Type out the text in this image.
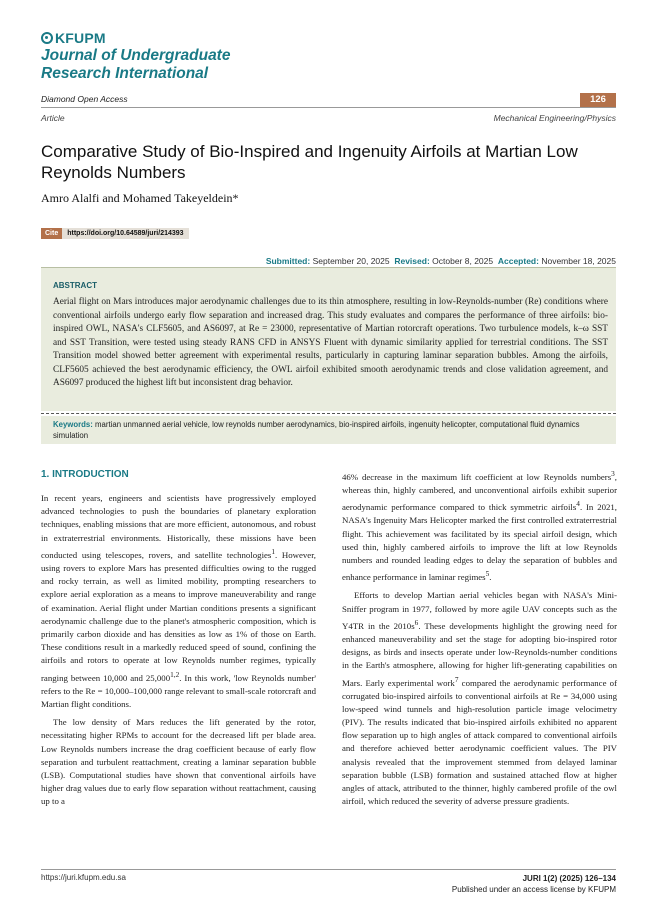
KFUPM
Journal of Undergraduate Research International
Diamond Open Access	126
Article	Mechanical Engineering/Physics
Comparative Study of Bio-Inspired and Ingenuity Airfoils at Martian Low Reynolds Numbers
Amro Alalfi and Mohamed Takeyeldein*
Cite	https://doi.org/10.64589/juri/214393
Submitted: September 20, 2025 Revised: October 8, 2025 Accepted: November 18, 2025
ABSTRACT
Aerial flight on Mars introduces major aerodynamic challenges due to its thin atmosphere, resulting in low-Reynolds-number (Re) conditions where conventional airfoils undergo early flow separation and increased drag. This study evaluates and compares the performance of three airfoils: bio-inspired OWL, NASA's CLF5605, and AS6097, at Re = 23000, representative of Martian rotorcraft operations. Two turbulence models, k–ω SST and SST Transition, were tested using steady RANS CFD in ANSYS Fluent with dynamic similarity applied for terrestrial conditions. The SST Transition model showed better agreement with experimental results, particularly in capturing laminar separation bubbles. Among the airfoils, CLF5605 achieved the best aerodynamic efficiency, the OWL airfoil exhibited smooth aerodynamic trends and close validation agreement, and AS6097 produced the highest lift but inconsistent drag behavior.
Keywords: martian unmanned aerial vehicle, low reynolds number aerodynamics, bio-inspired airfoils, ingenuity helicopter, computational fluid dynamics simulation
1. INTRODUCTION

In recent years, engineers and scientists have progressively employed advanced technologies to push the boundaries of planetary exploration techniques, enabling missions that are more efficient, autonomous, and robust in extraterrestrial environments. Historically, these missions have been conducted using telescopes, rovers, and satellite technologies$^1$. However, using rovers to explore Mars has presented difficulties owing to the rugged and rocky terrain, as well as limited mobility, prompting researchers to explore aerial exploration as a means to improve maneuverability and range of examination. Aerial flight under Martian conditions presents a significant aerodynamic challenge due to the planet's atmospheric composition, which is primarily carbon dioxide and has densities as low as 1% of those on Earth. These conditions result in a markedly reduced speed of sound, confining the airfoils and rotors to operate at low Reynolds number regimes, typically ranging between 10,000 and 25,000$^{1,2}$. In this work, 'low Reynolds number' refers to the Re = 10,000–100,000 range relevant to small-scale rotorcraft and Martian flight conditions.

The low density of Mars reduces the lift generated by the rotor, necessitating higher RPMs to account for the decreased lift per blade area. Low Reynolds numbers increase the drag coefficient because of early flow separation and turbulent reattachment, creating a laminar separation bubble (LSB). Computational studies have shown that conventional airfoils have higher drag values due to early flow separation without reattachment, causing up to a

46% decrease in the maximum lift coefficient at low Reynolds numbers$^3$, whereas thin, highly cambered, and unconventional airfoils exhibit superior aerodynamic performance compared to thick symmetric airfoils$^4$. In 2021, NASA's Ingenuity Mars Helicopter marked the first controlled extraterrestrial flight. This achievement was facilitated by its special airfoil design, which used thin, highly cambered airfoils to improve the lift at low Reynolds numbers and rounded leading edges to delay the separation of bubbles and enhance performance in laminar regimes$^5$.

Efforts to develop Martian aerial vehicles began with NASA's Mini-Sniffer program in 1977, followed by more agile UAV concepts such as the Y4TR in the $2010s^6$. These developments highlight the growing need for enhanced maneuverability and set the stage for adopting bio-inspired rotor designs, as birds and insects operate under low-Reynolds-number conditions in the Earth's atmosphere, allowing for higher lift-generating capabilities on Mars. Early experimental work$^7$ compared the aerodynamic performance of corrugated bio-inspired airfoils to conventional airfoils at Re = 34,000 using low-speed wind tunnels and high-resolution particle image velocimetry (PIV). The results indicated that bio-inspired airfoils exhibited no apparent flow separation up to high angles of attack compared to conventional airfoils and therefore achieved better aerodynamic coefficient values. The PIV analysis revealed that the improvement stemmed from delayed laminar separation bubble (LSB) formation and sustained attached flow at higher angles of attack, attributed to the thinner, highly cambered profile of the owl airfoil, which reduced the severity of adverse pressure gradients.

https://juri.kfupm.edu.sa	JURI 1(2) (2025) 126–134
Published under an access license by KFUPM
